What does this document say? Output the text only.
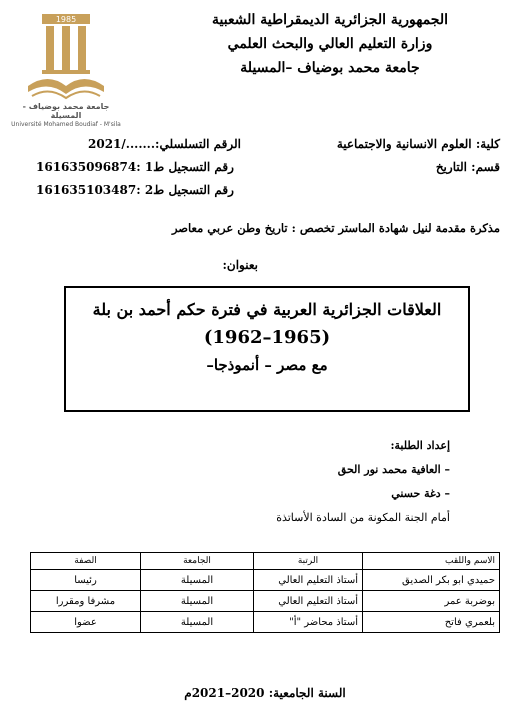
الجمهورية الجزائرية الديمقراطية الشعبية
وزارة التعليم العالي والبحث العلمي
جامعة محمد بوضياف –المسيلة
1985
جامعة محمد بوضياف - المسيلة
Université Mohamed Boudiaf - M'sila
كلية: العلوم الانسانية والاجتماعية
الرقم التسلسلي:......./2021
قسم: التاريخ
رقم التسجيل ط1 :161635096874
رقم التسجيل ط2 :161635103487
مذكرة مقدمة لنيل شهادة الماستر تخصص : تاريخ وطن عربي معاصر
بعنوان:
العلاقات الجزائرية العربية في فترة حكم أحمد بن بلة
(1962–1965)
مع مصر – أنموذجا–
إعداد الطلبة:
– العافية محمد نور الحق
– دغة حسني
أمام الجنة المكونة من السادة الأساتذة
الاسم واللقب	الرتبة	الجامعة	الصفة
حميدي ابو بكر الصديق	أستاذ التعليم العالي	المسيلة	رئيسا
بوضربة عمر	أستاذ التعليم العالي	المسيلة	مشرفا ومقررا
بلعمري فاتح	أستاذ محاضر "أ"	المسيلة	عضوا
السنة الجامعية: 2020–2021م
